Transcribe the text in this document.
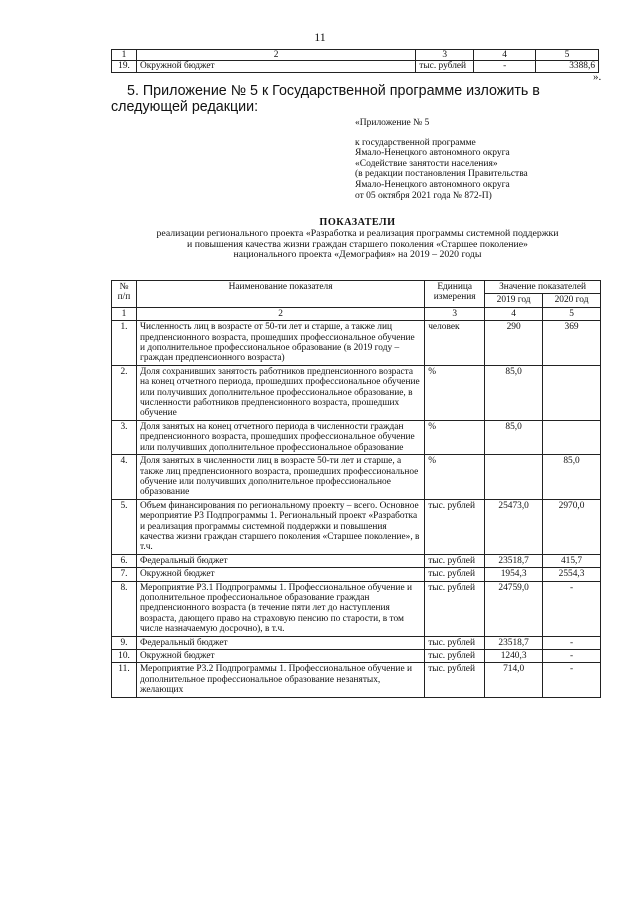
11
1	2	3	4	5
19.	Окружной бюджет	тыс. рублей	-	3388,6
».
5. Приложение № 5 к Государственной программе изложить в следующей редакции:
«Приложение № 5
к государственной программе
Ямало-Ненецкого автономного округа
«Содействие занятости населения»
(в редакции постановления Правительства
Ямало-Ненецкого автономного округа
от 05 октября 2021 года № 872-П)
ПОКАЗАТЕЛИ
реализации регионального проекта «Разработка и реализация программы системной поддержки
и повышения качества жизни граждан старшего поколения «Старшее поколение»
национального проекта «Демография» на 2019 – 2020 годы
№ п/п	Наименование показателя	Единица измерения	Значение показателей	
			2019 год	2020 год
1	2	3	4	5
1.	Численность лиц в возрасте от 50-ти лет и старше, а также лиц предпенсионного возраста, прошедших профессиональное обучение и дополнительное профессиональное образование (в 2019 году – граждан предпенсионного возраста)	человек	290	369
2.	Доля сохранивших занятость работников предпенсионного возраста на конец отчетного периода, прошедших профессиональное обучение или получивших дополнительное профессиональное образование, в численности работников предпенсионного возраста, прошедших обучение	%	85,0	
3.	Доля занятых на конец отчетного периода в численности граждан предпенсионного возраста, прошедших профессиональное обучение или получивших дополнительное профессиональное образование	%	85,0	
4.	Доля занятых в численности лиц в возрасте 50-ти лет и старше, а также лиц предпенсионного возраста, прошедших профессиональное обучение или получивших дополнительное профессиональное образование	%		85,0
5.	Объем финансирования по региональному проекту – всего. Основное мероприятие Р3 Подпрограммы 1. Региональный проект «Разработка и реализация программы системной поддержки и повышения качества жизни граждан старшего поколения «Старшее поколение», в т.ч.	тыс. рублей	25473,0	2970,0
6.	Федеральный бюджет	тыс. рублей	23518,7	415,7
7.	Окружной бюджет	тыс. рублей	1954,3	2554,3
8.	Мероприятие Р3.1 Подпрограммы 1. Профессиональное обучение и дополнительное профессиональное образование граждан предпенсионного возраста (в течение пяти лет до наступления возраста, дающего право на страховую пенсию по старости, в том числе назначаемую досрочно), в т.ч.	тыс. рублей	24759,0	-
9.	Федеральный бюджет	тыс. рублей	23518,7	-
10.	Окружной бюджет	тыс. рублей	1240,3	-
11.	Мероприятие Р3.2 Подпрограммы 1. Профессиональное обучение и дополнительное профессиональное образование незанятых, желающих	тыс. рублей	714,0	-
